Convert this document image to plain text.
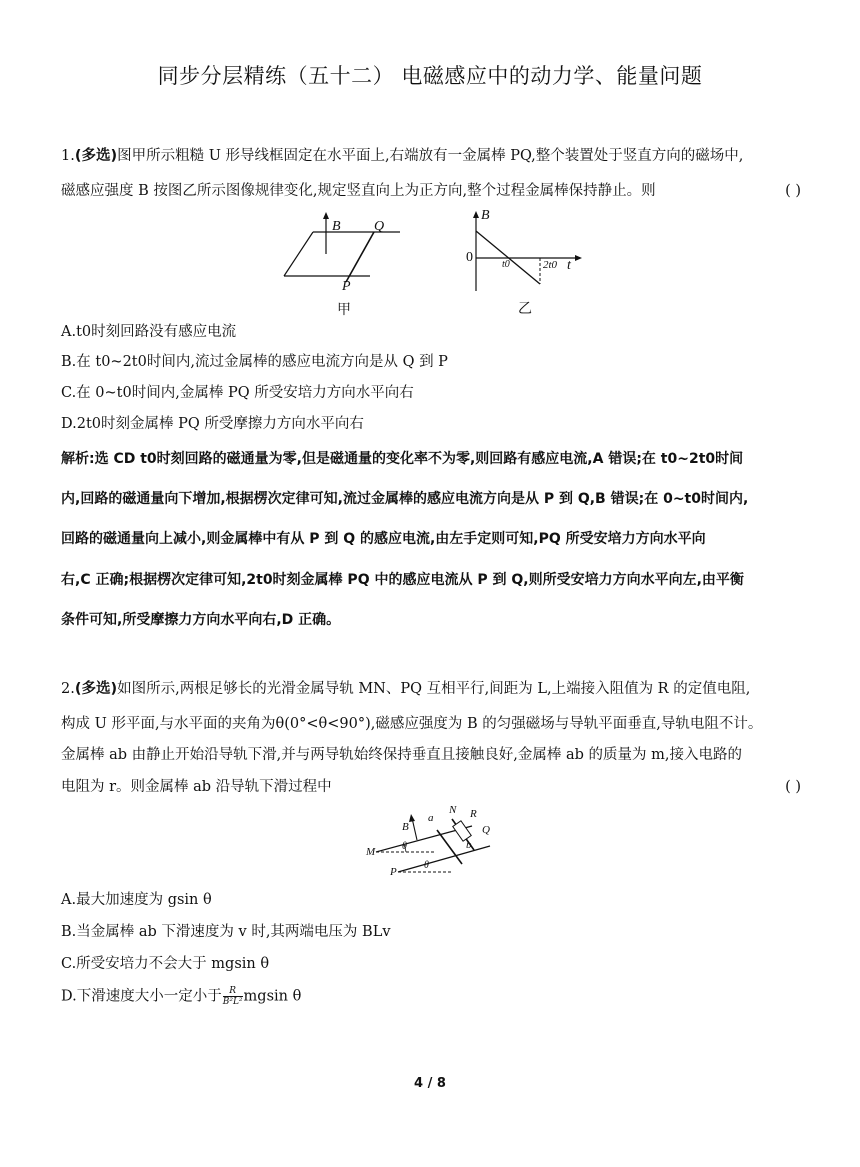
同步分层精练（五十二） 电磁感应中的动力学、能量问题
1.(多选)图甲所示粗糙 U 形导线框固定在水平面上,右端放有一金属棒 PQ,整个装置处于竖直方向的磁场中,
磁感应强度 B 按图乙所示图像规律变化,规定竖直向上为正方向,整个过程金属棒保持静止。则	( )
B Q
P
甲
B
0	t0	2t0 t
乙
A.t0时刻回路没有感应电流
B.在 t0~2t0时间内,流过金属棒的感应电流方向是从 Q 到 P
C.在 0~t0时间内,金属棒 PQ 所受安培力方向水平向右
D.2t0时刻金属棒 PQ 所受摩擦力方向水平向右
解析:选 CD t0时刻回路的磁通量为零,但是磁通量的变化率不为零,则回路有感应电流,A 错误;在 t0~2t0时间
内,回路的磁通量向下增加,根据楞次定律可知,流过金属棒的感应电流方向是从 P 到 Q,B 错误;在 0~t0时间内,
回路的磁通量向上减小,则金属棒中有从 P 到 Q 的感应电流,由左手定则可知,PQ 所受安培力方向水平向
右,C 正确;根据楞次定律可知,2t0时刻金属棒 PQ 中的感应电流从 P 到 Q,则所受安培力方向水平向左,由平衡
条件可知,所受摩擦力方向水平向右,D 正确。
2.(多选)如图所示,两根足够长的光滑金属导轨 MN、PQ 互相平行,间距为 L,上端接入阻值为 R 的定值电阻,
构成 U 形平面,与水平面的夹角为θ(0°<θ<90°),磁感应强度为 B 的匀强磁场与导轨平面垂直,导轨电阻不计。
金属棒 ab 由静止开始沿导轨下滑,并与两导轨始终保持垂直且接触良好,金属棒 ab 的质量为 m,接入电路的
电阻为 r。则金属棒 ab 沿导轨下滑过程中	( )
N R
a
B	Q
b
M	θ
θ
P
A.最大加速度为 gsin θ
B.当金属棒 ab 下滑速度为 v 时,其两端电压为 BLv
C.所受安培力不会大于 mgsin θ
D.下滑速度大小一定小于 $\frac{R}{\text{B²L²}}$ mgsin θ
4 / 8
